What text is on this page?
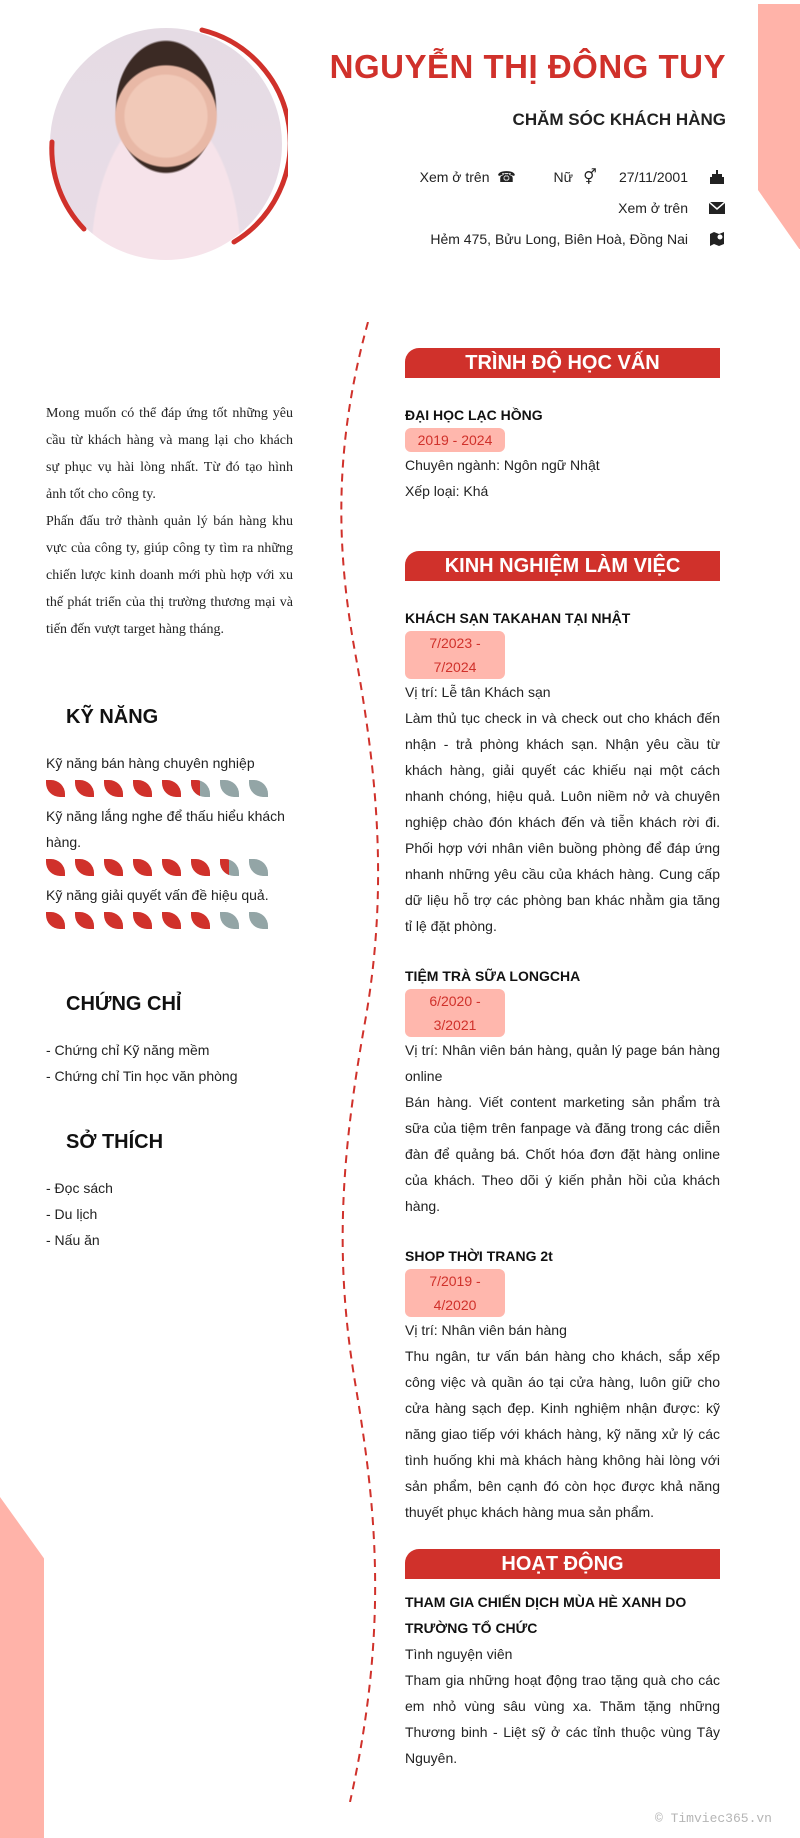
NGUYỄN THỊ ĐÔNG TUY
CHĂM SÓC KHÁCH HÀNG
Xem ở trên ☎	Nữ ⚥ 27/11/2001
Xem ở trên
Hẻm 475, Bửu Long, Biên Hoà, Đồng Nai
Mong muốn có thể đáp ứng tốt những yêu cầu từ khách hàng và mang lại cho khách sự phục vụ hài lòng nhất. Từ đó tạo hình ảnh tốt cho công ty.
Phấn đấu trở thành quản lý bán hàng khu vực của công ty, giúp công ty tìm ra những chiến lược kinh doanh mới phù hợp với xu thế phát triển của thị trường thương mại và tiến đến vượt target hàng tháng.
KỸ NĂNG
Kỹ năng bán hàng chuyên nghiệp
Kỹ năng lắng nghe để thấu hiểu khách hàng.
Kỹ năng giải quyết vấn đề hiệu quả.
CHỨNG CHỈ
- Chứng chỉ Kỹ năng mềm
- Chứng chỉ Tin học văn phòng
SỞ THÍCH
- Đọc sách
- Du lịch
- Nấu ăn
TRÌNH ĐỘ HỌC VẤN
ĐẠI HỌC LẠC HỒNG
2019 - 2024
Chuyên ngành: Ngôn ngữ Nhật
Xếp loại: Khá
KINH NGHIỆM LÀM VIỆC
KHÁCH SẠN TAKAHAN TẠI NHẬT
7/2023 -
7/2024
Vị trí: Lễ tân Khách sạn
Làm thủ tục check in và check out cho khách đến nhận - trả phòng khách sạn. Nhận yêu cầu từ khách hàng, giải quyết các khiếu nại một cách nhanh chóng, hiệu quả. Luôn niềm nở và chuyên nghiệp chào đón khách đến và tiễn khách rời đi. Phối hợp với nhân viên buồng phòng để đáp ứng nhanh những yêu cầu của khách hàng. Cung cấp dữ liệu hỗ trợ các phòng ban khác nhằm gia tăng tỉ lệ đặt phòng.
TIỆM TRÀ SỮA LONGCHA
6/2020 -
3/2021
Vị trí: Nhân viên bán hàng, quản lý page bán hàng online
Bán hàng. Viết content marketing sản phẩm trà sữa của tiệm trên fanpage và đăng trong các diễn đàn để quảng bá. Chốt hóa đơn đặt hàng online của khách. Theo dõi ý kiến phản hồi của khách hàng.
SHOP THỜI TRANG 2t
7/2019 -
4/2020
Vị trí: Nhân viên bán hàng
Thu ngân, tư vấn bán hàng cho khách, sắp xếp công việc và quần áo tại cửa hàng, luôn giữ cho cửa hàng sạch đẹp. Kinh nghiệm nhận được: kỹ năng giao tiếp với khách hàng, kỹ năng xử lý các tình huống khi mà khách hàng không hài lòng với sản phẩm, bên cạnh đó còn học được khả năng thuyết phục khách hàng mua sản phẩm.
HOẠT ĐỘNG
THAM GIA CHIẾN DỊCH MÙA HÈ XANH DO TRƯỜNG TỔ CHỨC
Tình nguyện viên
Tham gia những hoạt động trao tặng quà cho các em nhỏ vùng sâu vùng xa. Thăm tặng những Thương binh - Liệt sỹ ở các tỉnh thuộc vùng Tây Nguyên.
© Timviec365.vn
